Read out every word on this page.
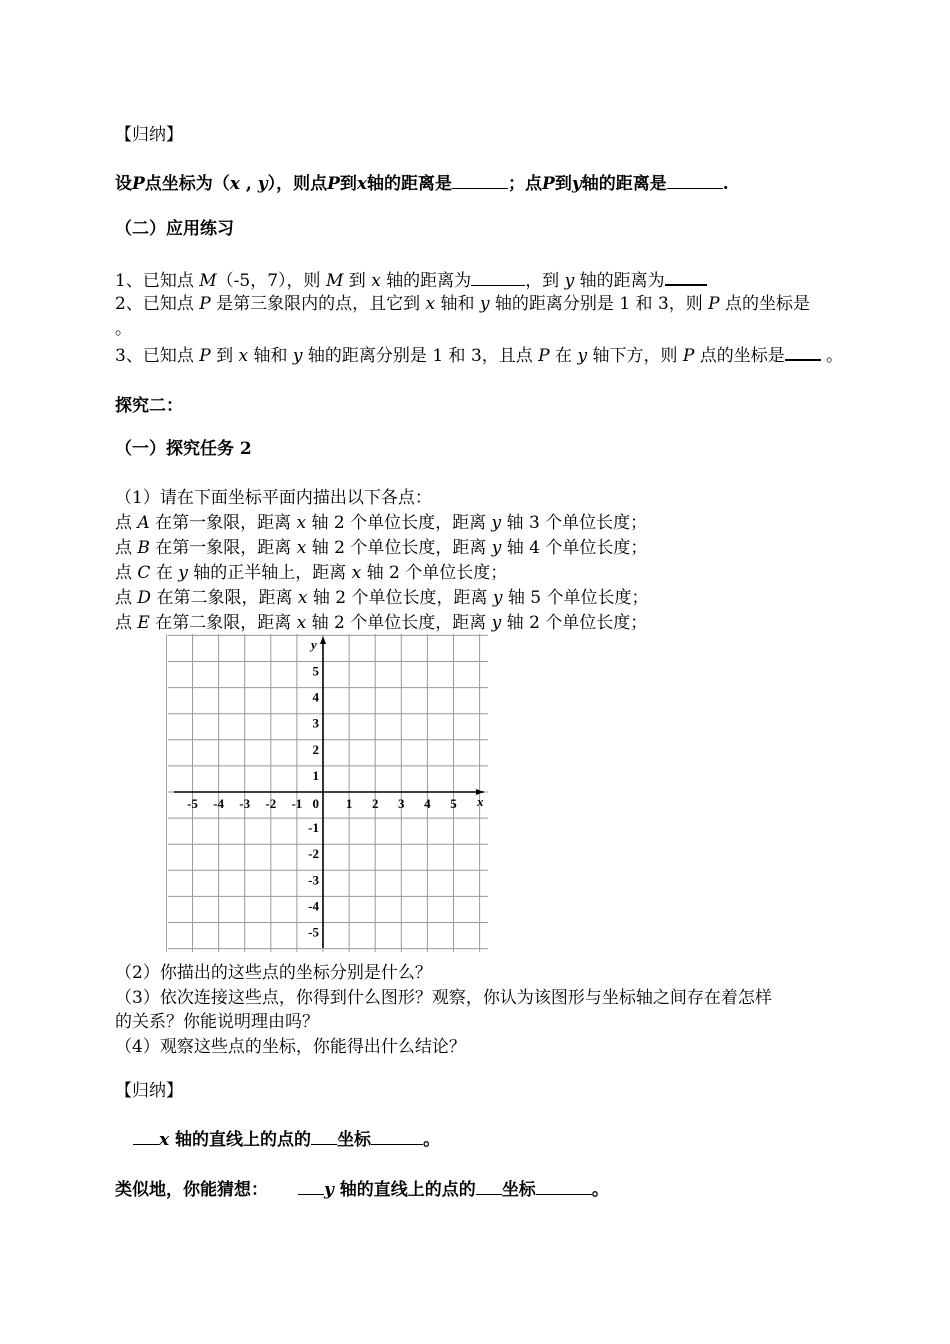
【归纳】
设P点坐标为（x , y），则点P到x轴的距离是	；点P到y轴的距离是	.
（二）应用练习
1、已知点 M（-5，7），则 M 到 x 轴的距离为	，到 y 轴的距离为
2、已知点 P 是第三象限内的点，且它到 x 轴和 y 轴的距离分别是 1 和 3，则 P 点的坐标是
。
3、已知点 P 到 x 轴和 y 轴的距离分别是 1 和 3，且点 P 在 y 轴下方，则 P 点的坐标是 。
探究二：
（一）探究任务 2
（1）请在下面坐标平面内描出以下各点：
点 A 在第一象限，距离 x 轴 2 个单位长度，距离 y 轴 3 个单位长度；
点 B 在第一象限，距离 x 轴 2 个单位长度，距离 y 轴 4 个单位长度；
点 C 在 y 轴的正半轴上，距离 x 轴 2 个单位长度；
点 D 在第二象限，距离 x 轴 2 个单位长度，距离 y 轴 5 个单位长度；
点 E 在第二象限，距离 x 轴 2 个单位长度，距离 y 轴 2 个单位长度；
-5 -4 -3 -2 -1	1 2 3 4 5
5
4
3
2
1
-1
-2
-3
-4
-5
0	x
y
（2）你描出的这些点的坐标分别是什么？
（3）依次连接这些点，你得到什么图形？观察，你认为该图形与坐标轴之间存在着怎样
的关系？你能说明理由吗？
（4）观察这些点的坐标，你能得出什么结论？
【归纳】
x 轴的直线上的点的 坐标	。
类似地，你能猜想：	y 轴的直线上的点的 坐标	。
